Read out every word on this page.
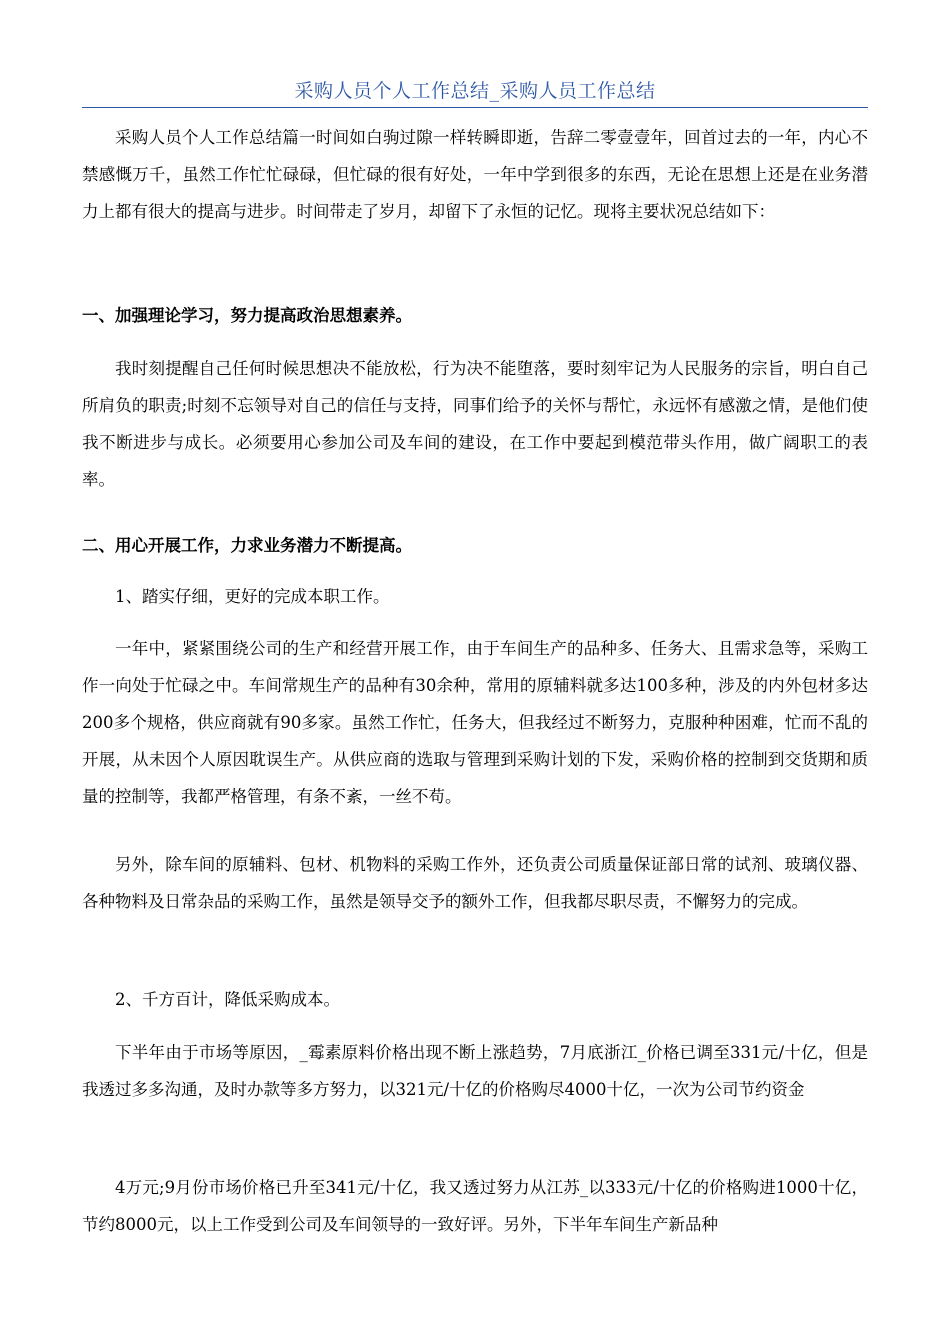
采购人员个人工作总结_采购人员工作总结

采购人员个人工作总结篇一时间如白驹过隙一样转瞬即逝，告辞二零壹壹年，回首过去的一年，内心不禁感慨万千，虽然工作忙忙碌碌，但忙碌的很有好处，一年中学到很多的东西，无论在思想上还是在业务潜力上都有很大的提高与进步。时间带走了岁月，却留下了永恒的记忆。现将主要状况总结如下：

一、加强理论学习，努力提高政治思想素养。

我时刻提醒自己任何时候思想决不能放松，行为决不能堕落，要时刻牢记为人民服务的宗旨，明白自己所肩负的职责;时刻不忘领导对自己的信任与支持，同事们给予的关怀与帮忙，永远怀有感激之情，是他们使我不断进步与成长。必须要用心参加公司及车间的建设，在工作中要起到模范带头作用，做广阔职工的表率。

二、用心开展工作，力求业务潜力不断提高。

1、踏实仔细，更好的完成本职工作。

一年中，紧紧围绕公司的生产和经营开展工作，由于车间生产的品种多、任务大、且需求急等，采购工作一向处于忙碌之中。车间常规生产的品种有30余种，常用的原辅料就多达100多种，涉及的内外包材多达200多个规格，供应商就有90多家。虽然工作忙，任务大，但我经过不断努力，克服种种困难，忙而不乱的开展，从未因个人原因耽误生产。从供应商的选取与管理到采购计划的下发，采购价格的控制到交货期和质量的控制等，我都严格管理，有条不紊，一丝不苟。

另外，除车间的原辅料、包材、机物料的采购工作外，还负责公司质量保证部日常的试剂、玻璃仪器、各种物料及日常杂品的采购工作，虽然是领导交予的额外工作，但我都尽职尽责，不懈努力的完成。

2、千方百计，降低采购成本。

下半年由于市场等原因，_霉素原料价格出现不断上涨趋势，7月底浙江_价格已调至331元/十亿，但是我透过多多沟通，及时办款等多方努力，以321元/十亿的价格购尽4000十亿，一次为公司节约资金

4万元;9月份市场价格已升至341元/十亿，我又透过努力从江苏_以333元/十亿的价格购进1000十亿，节约8000元，以上工作受到公司及车间领导的一致好评。另外，下半年车间生产新品种
